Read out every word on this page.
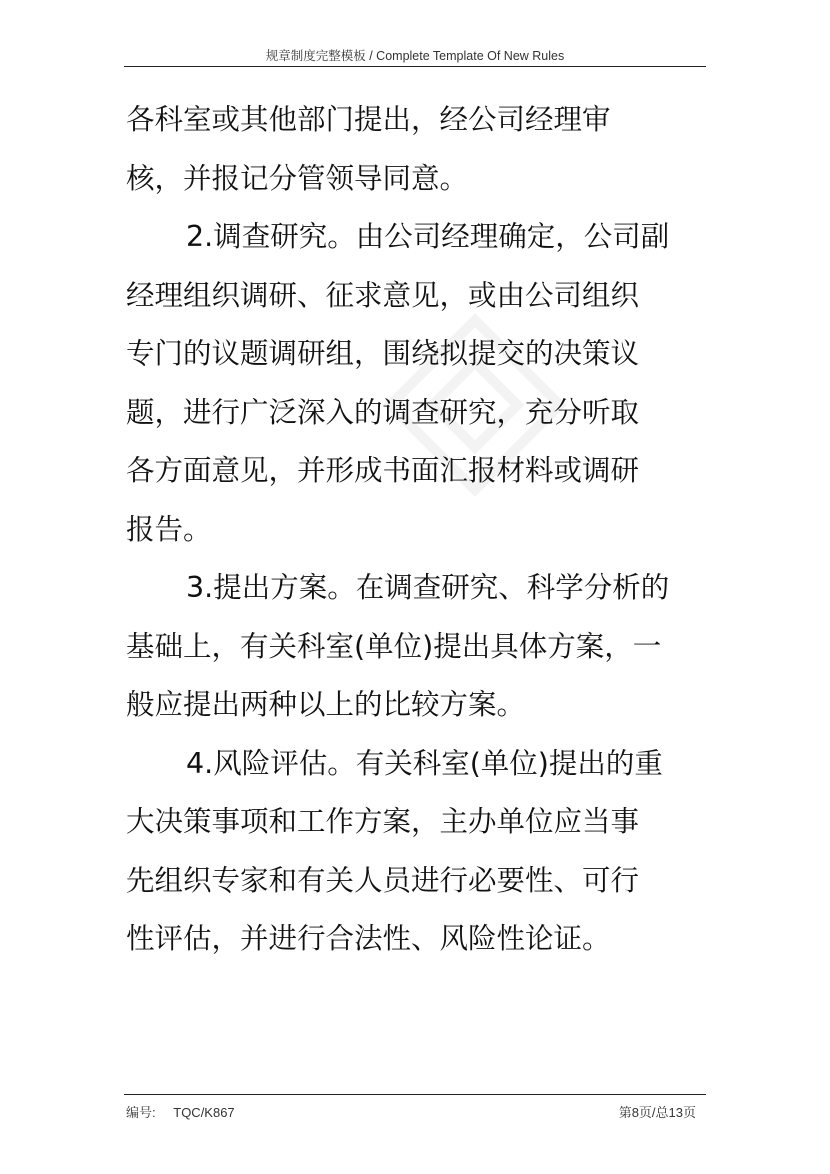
规章制度完整模板 / Complete Template Of New Rules

各科室或其他部门提出，经公司经理审

核，并报记分管领导同意。

2.调查研究。由公司经理确定，公司副

经理组织调研、征求意见，或由公司组织

专门的议题调研组，围绕拟提交的决策议

题，进行广泛深入的调查研究，充分听取

各方面意见，并形成书面汇报材料或调研

报告。

3.提出方案。在调查研究、科学分析的

基础上，有关科室(单位)提出具体方案，一

般应提出两种以上的比较方案。

4.风险评估。有关科室(单位)提出的重

大决策事项和工作方案，主办单位应当事

先组织专家和有关人员进行必要性、可行

性评估，并进行合法性、风险性论证。

编号: TQC/K867	第8页/总13页
